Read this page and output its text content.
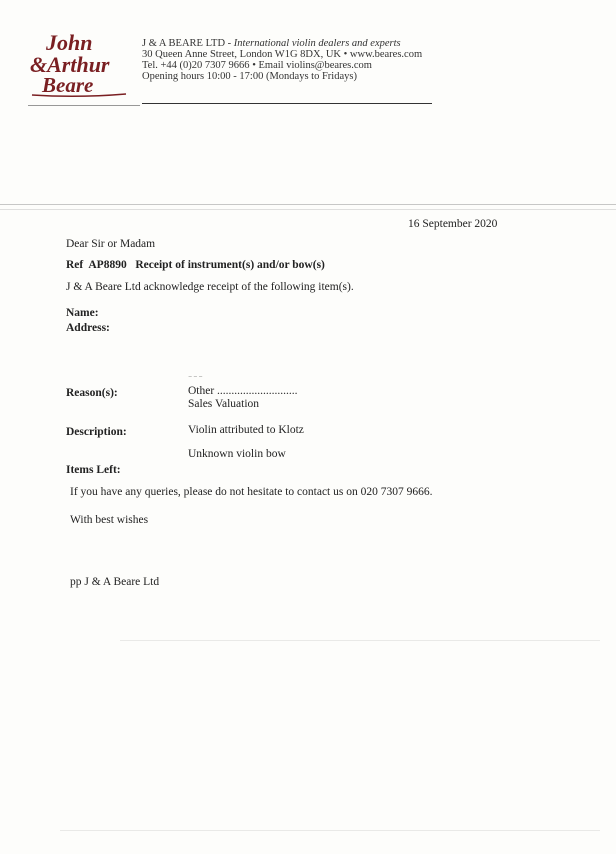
John
&Arthur
Beare
J & A BEARE LTD - International violin dealers and experts
30 Queen Anne Street, London W1G 8DX, UK • www.beares.com
Tel. +44 (0)20 7307 9666 • Email violins@beares.com
Opening hours 10:00 - 17:00 (Mondays to Fridays)
16 September 2020
Dear Sir or Madam
Ref AP8890 Receipt of instrument(s) and/or bow(s)
J & A Beare Ltd acknowledge receipt of the following item(s).
Name:
Address:
Reason(s):
⁻⁻⁻
Other ............................
Sales Valuation
Description:	Violin attributed to Klotz
Unknown violin bow
Items Left:
If you have any queries, please do not hesitate to contact us on 020 7307 9666.
With best wishes
pp J & A Beare Ltd
